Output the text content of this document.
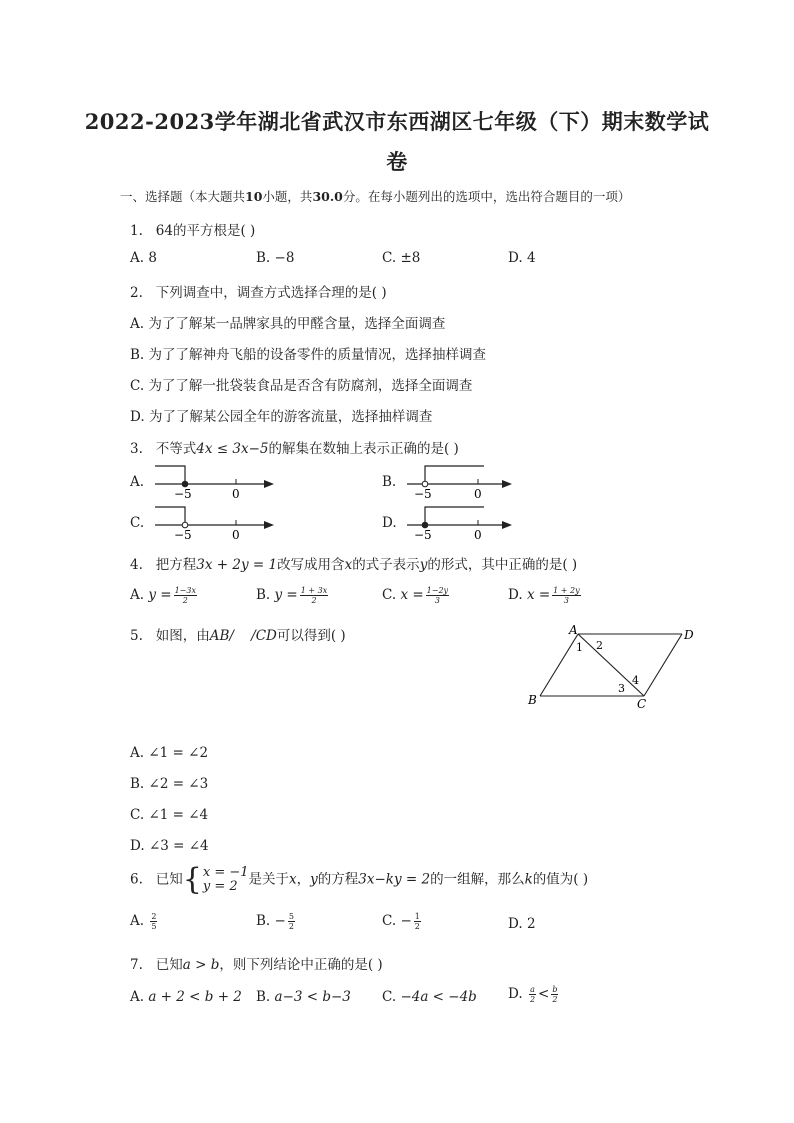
2022-2023学年湖北省武汉市东西湖区七年级（下）期末数学试
卷
一、选择题（本大题共10小题，共30.0分。在每小题列出的选项中，选出符合题目的一项）
1. 64的平方根是( )
A. 8	B. −8	C. ±8	D. 4
2. 下列调查中，调查方式选择合理的是( )
A. 为了了解某一品牌家具的甲醛含量，选择全面调查
B. 为了了解神舟飞船的设备零件的质量情况，选择抽样调查
C. 为了了解一批袋装食品是否含有防腐剂，选择全面调查
D. 为了了解某公园全年的游客流量，选择抽样调查
3. 不等式4x ≤ 3x−5的解集在数轴上表示正确的是( )
A.
−5	0
B.
−5	0
C.
−5	0
D.
−5	0
4. 把方程3x + 2y = 1改写成用含x的式子表示y的形式，其中正确的是( )
A. $y = \frac{1-3x}{2}$	B. $y = \frac{1 + 3x}{2}$	C. $x = \frac{1-2y}{3}$	D. $x = \frac{1 + 2y}{3}$
5. 如图，由AB/    /CD可以得到( )	A	D
B	C
1 2
3
4
A. ∠1 = ∠2
B. ∠2 = ∠3
C. ∠1 = ∠4
D. ∠3 = ∠4
6. 已知 { x = −1
y = 2 是关于x，y的方程3x−ky = 2的一组解，那么k的值为( )
A. $\frac{2}{5}$	B. − $\frac{5}{2}$	C. − $\frac{1}{2}$	D. 2
7. 已知a > b，则下列结论中正确的是( )
A. a + 2 < b + 2 B. a−3 < b−3 C. −4a < −4b D. $\frac{a}{2} < \frac{b}{2}$
